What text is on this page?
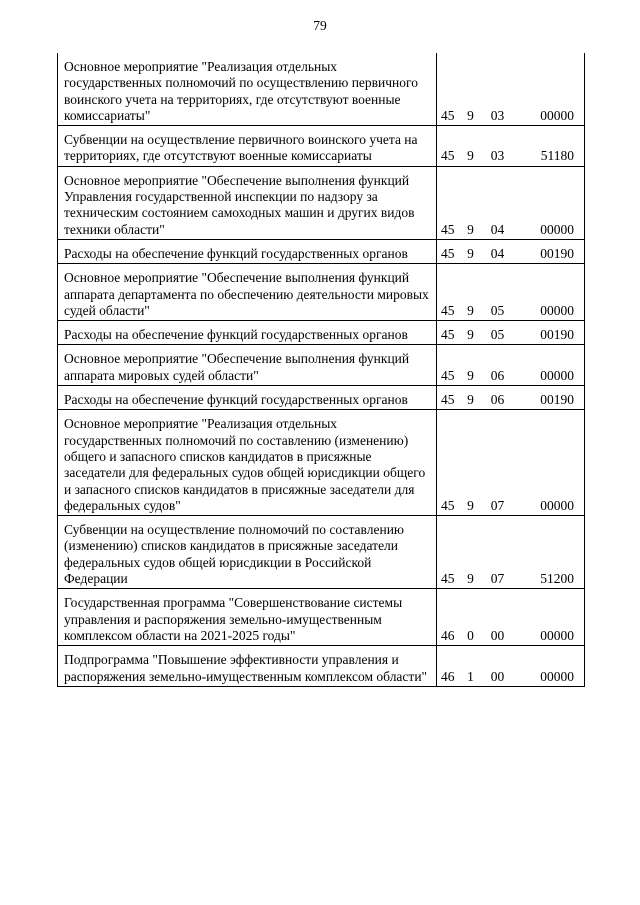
79
Основное мероприятие "Реализация отдельных государственных полномочий по осуществлению первичного воинского учета на территориях, где отсутствуют военные комиссариаты"	45	9	03	00000
Субвенции на осуществление первичного воинского учета на территориях, где отсутствуют военные комиссариаты	45	9	03	51180
Основное мероприятие "Обеспечение выполнения функций Управления государственной инспекции по надзору за техническим состоянием самоходных машин и других видов техники области"	45	9	04	00000
Расходы на обеспечение функций государственных органов	45	9	04	00190
Основное мероприятие "Обеспечение выполнения функций аппарата департамента по обеспечению деятельности мировых судей области"	45	9	05	00000
Расходы на обеспечение функций государственных органов	45	9	05	00190
Основное мероприятие "Обеспечение выполнения функций аппарата мировых судей области"	45	9	06	00000
Расходы на обеспечение функций государственных органов	45	9	06	00190
Основное мероприятие "Реализация отдельных государственных полномочий по составлению (изменению) общего и запасного списков кандидатов в присяжные заседатели для федеральных судов общей юрисдикции общего и запасного списков кандидатов в присяжные заседатели для федеральных судов"	45	9	07	00000
Субвенции на осуществление полномочий по составлению (изменению) списков кандидатов в присяжные заседатели федеральных судов общей юрисдикции в Российской Федерации	45	9	07	51200
Государственная программа "Совершенствование системы управления и распоряжения земельно-имущественным комплексом области на 2021-2025 годы"	46	0	00	00000
Подпрограмма "Повышение эффективности управления и распоряжения земельно-имущественным комплексом области"	46	1	00	00000
